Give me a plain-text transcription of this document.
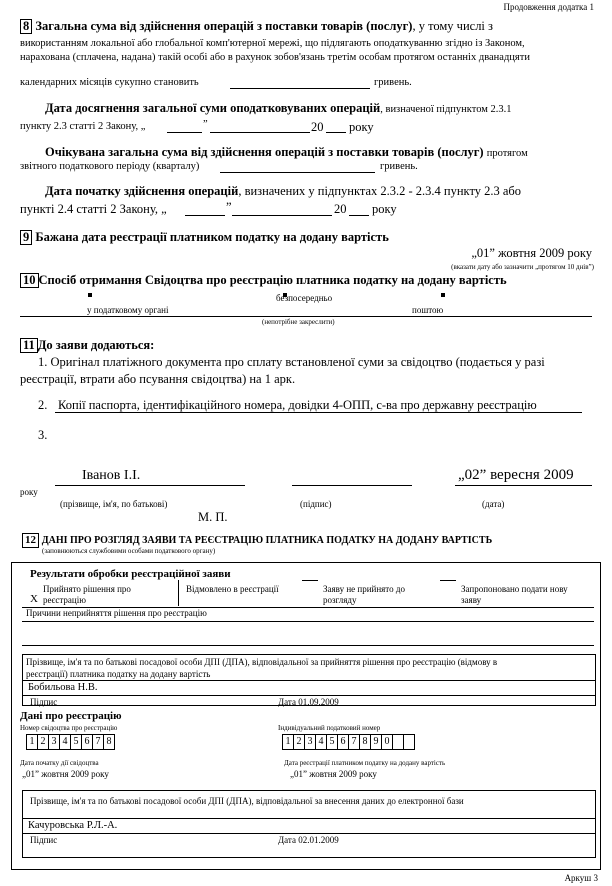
Продовження додатка 1
8 Загальна сума від здійснення операцій з поставки товарів (послуг), у тому числі з
використанням локальної або глобальної комп'ютерної мережі, що підлягають оподаткуванню згідно із Законом,
нарахована (сплачена, надана) такій особі або в рахунок зобов'язань третім особам протягом останніх дванадцяти
календарних місяців сукупно становить	гривень.
Дата досягнення загальної суми оподатковуваних операцій, визначеної підпунктом 2.3.1
пункту 2.3 статті 2 Закону, „	”	20 року
Очікувана загальна сума від здійснення операцій з поставки товарів (послуг) протягом
звітного податкового періоду (кварталу)	гривень.
Дата початку здійснення операцій, визначених у підпунктах 2.3.2 - 2.3.4 пункту 2.3 або
пункті 2.4 статті 2 Закону, „	”	20 року
9 Бажана дата реєстрації платником податку на додану вартість
„01” жовтня 2009 року
(вказати дату або зазначити „протягом 10 днів”)
10 Спосіб отримання Свідоцтва про реєстрацію платника податку на додану вартість
безпосередньо
у податковому органі	поштою
(непотрібне закреслити)
11 До заяви додаються:
1. Оригінал платіжного документа про сплату встановленої суми за свідоцтво (подається у разі
реєстрації, втрати або псування свідоцтва) на 1 арк.
2. Копії паспорта, ідентифікаційного номера, довідки 4-ОПП, с-ва про державну реєстрацію
3.
Іванов І.І.	„02” вересня 2009
року
(прізвище, ім'я, по батькові)	(підпис)	(дата)
М. П.
12 ДАНІ ПРО РОЗГЛЯД ЗАЯВИ ТА РЕЄСТРАЦІЮ ПЛАТНИКА ПОДАТКУ НА ДОДАНУ ВАРТІСТЬ
(заповнюються службовими особами податкового органу)
Результати обробки реєстраційної заяви
Прийнято рішення про
реєстрацію
Х
Відмовлено в реєстрації	Заяву не прийнято до
розгляду
Запропоновано подати нову
заяву
Причини неприйняття рішення про реєстрацію
Прізвище, ім'я та по батькові посадової особи ДПІ (ДПА), відповідальної за прийняття рішення про реєстрацію (відмову в
реєстрації) платника податку на додану вартість
Бобильова Н.В.
Підпис	Дата 01.09.2009
Дані про реєстрацію
Номер свідоцтва про реєстрацію
1 2 3 4 5 6 7 8
Індивідуальний податковий номер
1 2 3 4 5 6 7 8 9 0
Дата початку дії свідоцтва
„01” жовтня 2009 року
Дата реєстрації платником податку на додану вартість
„01” жовтня 2009 року
Прізвище, ім'я та по батькові посадової особи ДПІ (ДПА), відповідальної за внесення даних до електронної бази
Качуровська Р.Л.-А.
Підпис	Дата 02.01.2009
Аркуш 3
